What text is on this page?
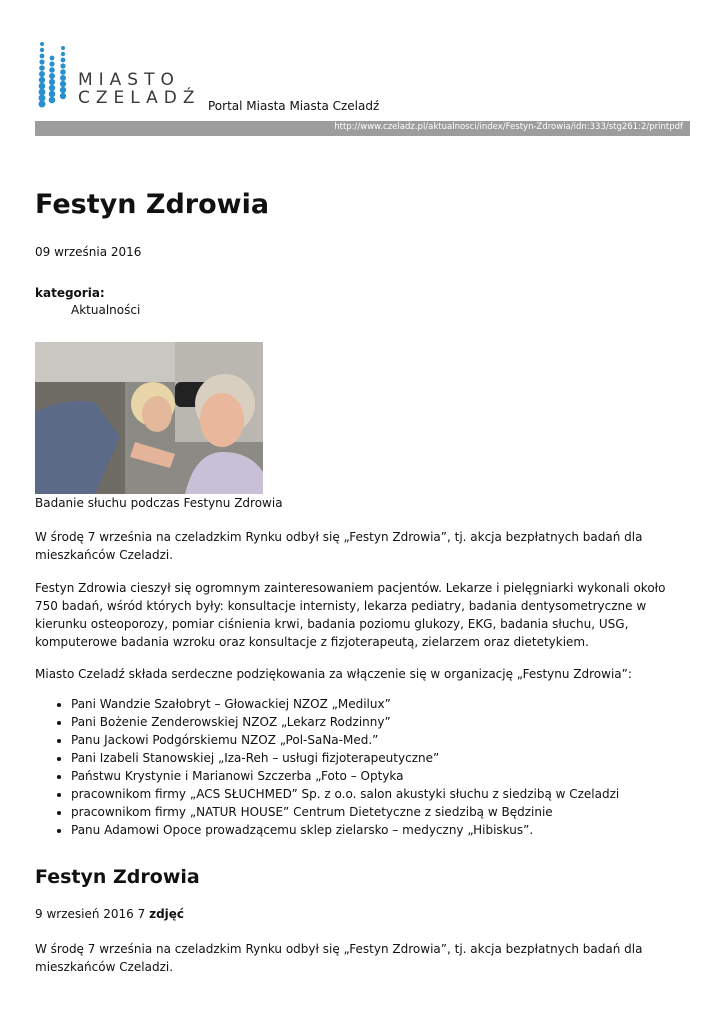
MIASTO
CZELADŹ Portal Miasta Miasta Czeladź
http://www.czeladz.pl/aktualnosci/index/Festyn-Zdrowia/idn:333/stg261:2/printpdf
Festyn Zdrowia
09 września 2016
kategoria:
Aktualności
Badanie słuchu podczas Festynu Zdrowia

W środę 7 września na czeladzkim Rynku odbył się „Festyn Zdrowia”, tj. akcja bezpłatnych badań dla mieszkańców Czeladzi.

Festyn Zdrowia cieszył się ogromnym zainteresowaniem pacjentów. Lekarze i pielęgniarki wykonali około 750 badań, wśród których były: konsultacje internisty, lekarza pediatry, badania dentysometryczne w kierunku osteoporozy, pomiar ciśnienia krwi, badania poziomu glukozy, EKG, badania słuchu, USG, komputerowe badania wzroku oraz konsultacje z fizjoterapeutą, zielarzem oraz dietetykiem.

Miasto Czeladź składa serdeczne podziękowania za włączenie się w organizację „Festynu Zdrowia”:

• Pani Wandzie Szałobryt – Głowackiej NZOZ „Medilux”
• Pani Bożenie Zenderowskiej NZOZ „Lekarz Rodzinny”
• Panu Jackowi Podgórskiemu NZOZ „Pol-SaNa-Med.”
• Pani Izabeli Stanowskiej „Iza-Reh – usługi fizjoterapeutyczne”
• Państwu Krystynie i Marianowi Szczerba „Foto – Optyka
• pracownikom firmy „ACS SŁUCHMED” Sp. z o.o. salon akustyki słuchu z siedzibą w Czeladzi
• pracownikom firmy „NATUR HOUSE” Centrum Dietetyczne z siedzibą w Będzinie
• Panu Adamowi Opoce prowadzącemu sklep zielarsko – medyczny „Hibiskus”.
Festyn Zdrowia
9 wrzesień 2016 7 zdjęć

W środę 7 września na czeladzkim Rynku odbył się „Festyn Zdrowia”, tj. akcja bezpłatnych badań dla mieszkańców Czeladzi.
